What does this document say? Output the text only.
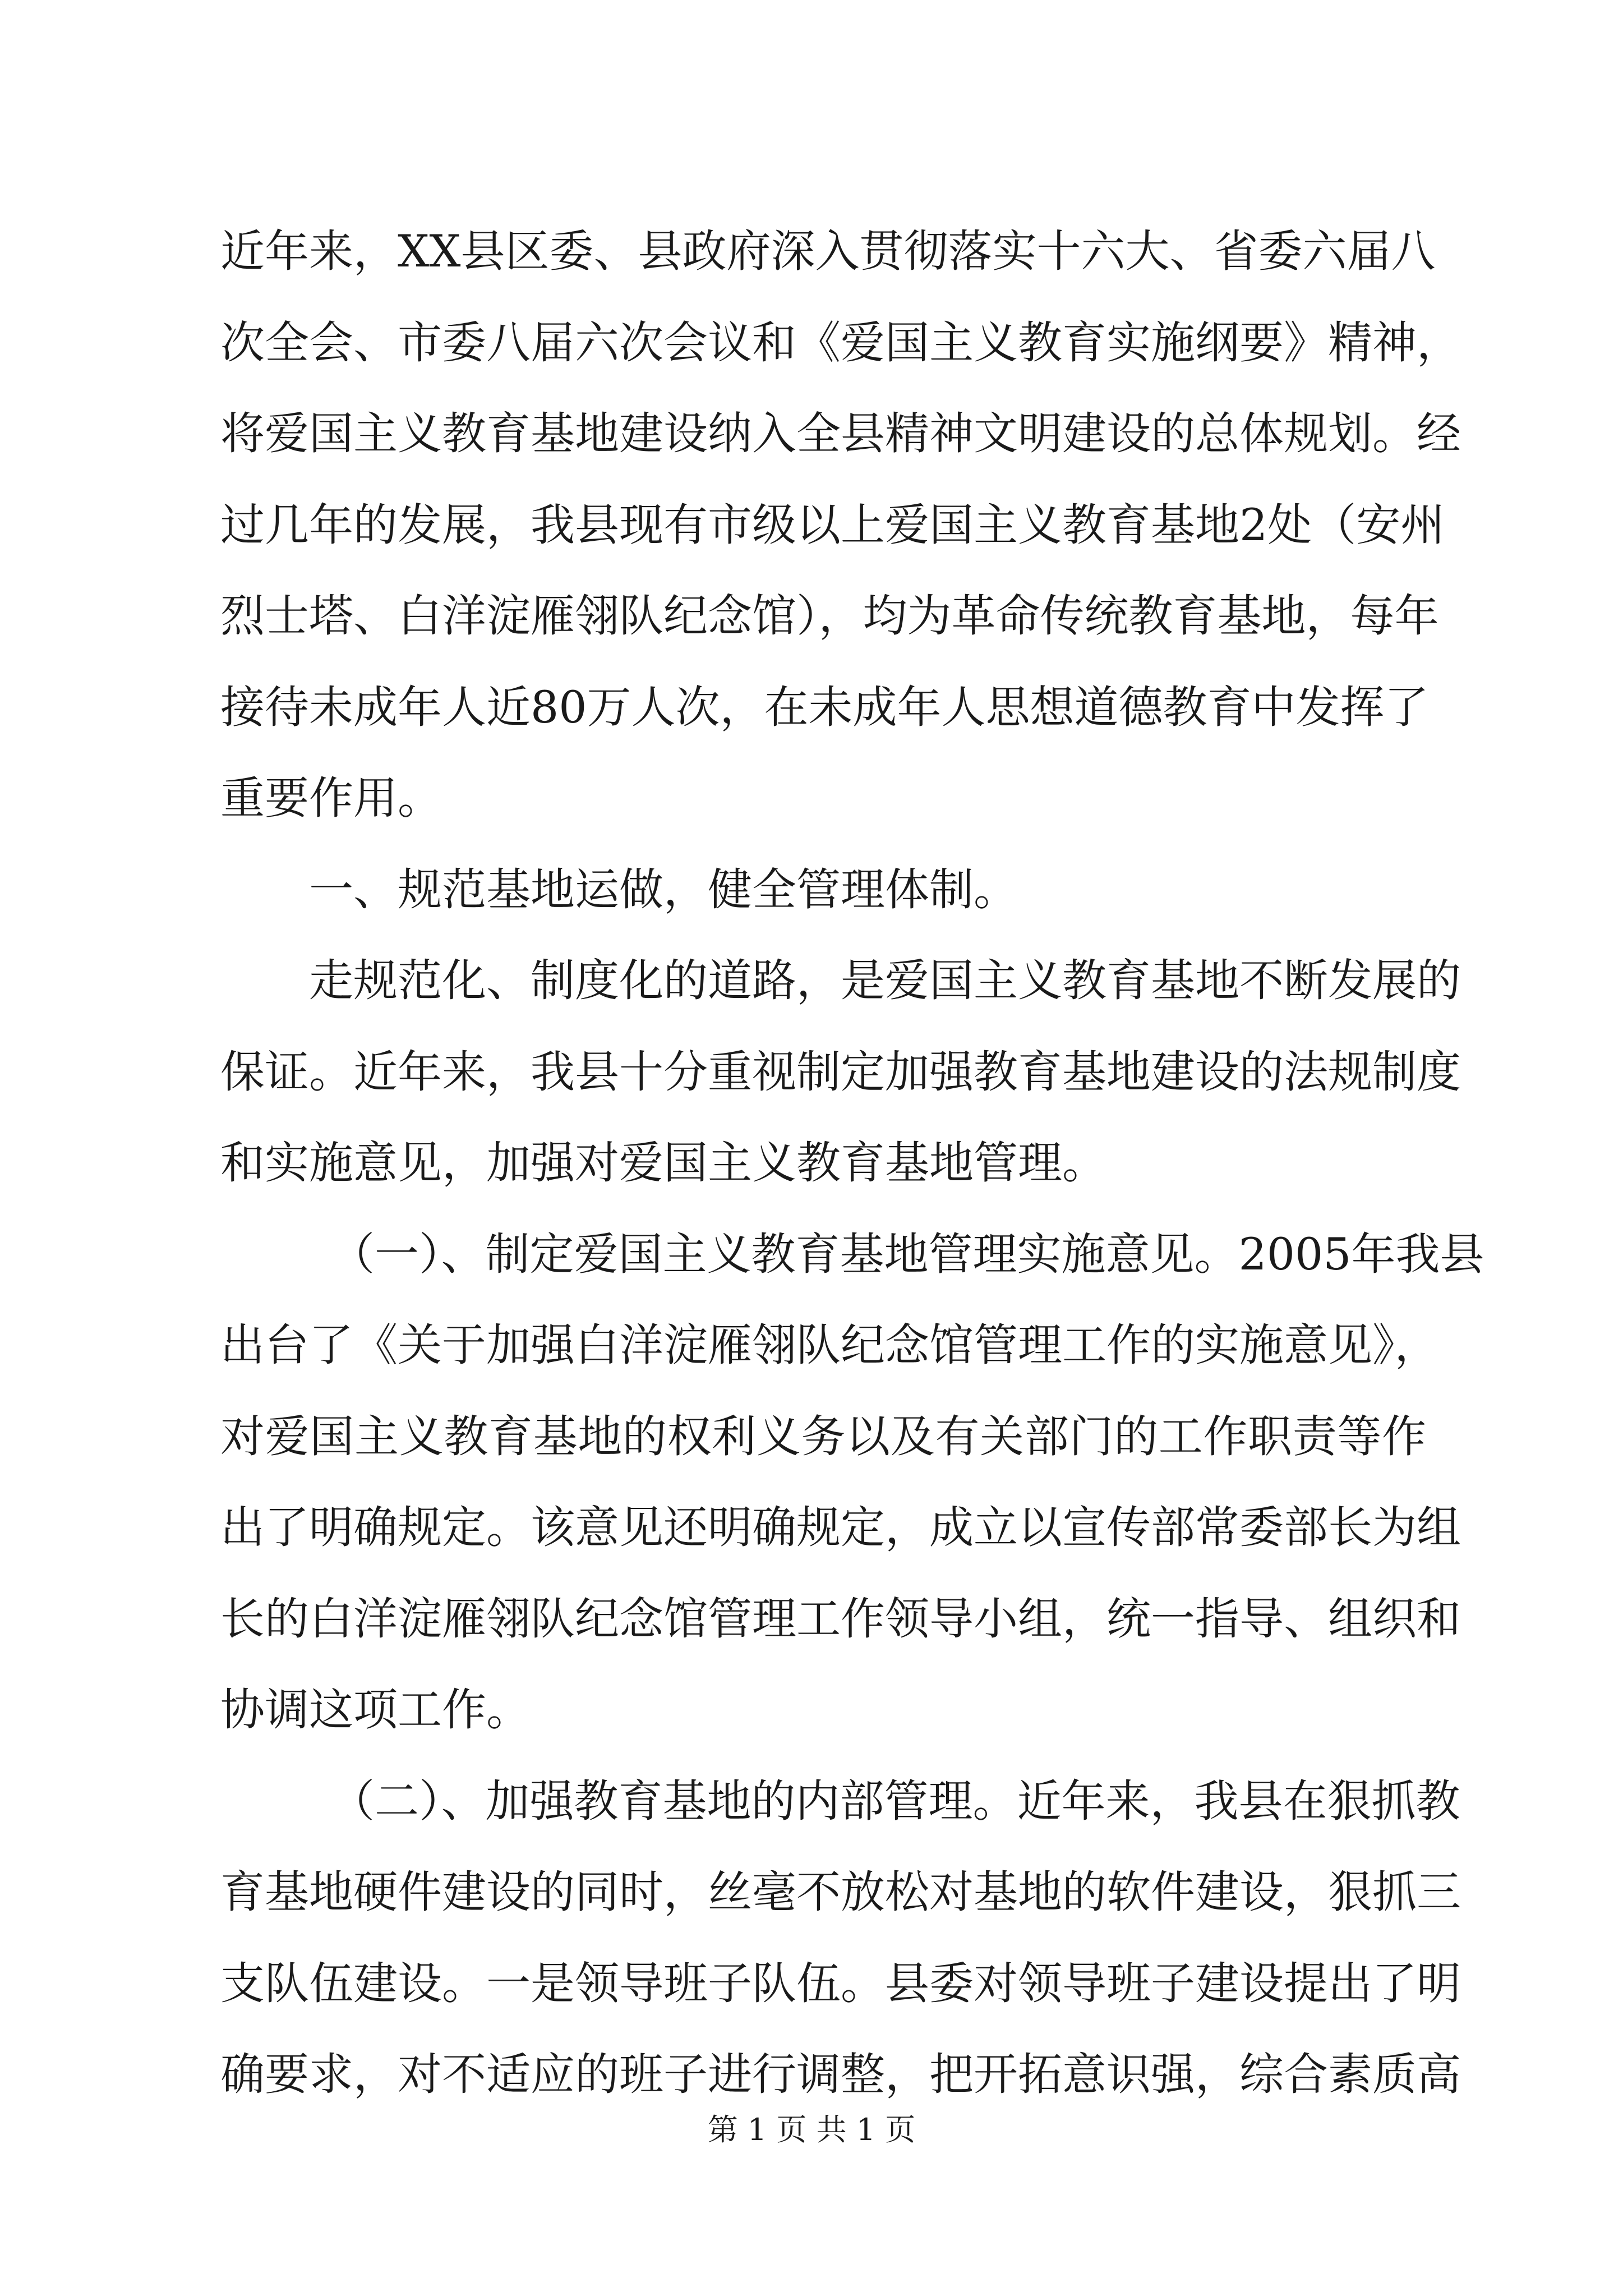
近年来，XX县区委、县政府深入贯彻落实十六大、省委六届八
次全会、市委八届六次会议和《爱国主义教育实施纲要》精神，
将爱国主义教育基地建设纳入全县精神文明建设的总体规划。经
过几年的发展，我县现有市级以上爱国主义教育基地2处（安州
烈士塔、白洋淀雁翎队纪念馆），均为革命传统教育基地，每年
接待未成年人近80万人次，在未成年人思想道德教育中发挥了
重要作用。
一、规范基地运做，健全管理体制。
走规范化、制度化的道路，是爱国主义教育基地不断发展的
保证。近年来，我县十分重视制定加强教育基地建设的法规制度
和实施意见，加强对爱国主义教育基地管理。
（一）、制定爱国主义教育基地管理实施意见。2005年我县
出台了《关于加强白洋淀雁翎队纪念馆管理工作的实施意见》，
对爱国主义教育基地的权利义务以及有关部门的工作职责等作
出了明确规定。该意见还明确规定，成立以宣传部常委部长为组
长的白洋淀雁翎队纪念馆管理工作领导小组，统一指导、组织和
协调这项工作。
（二）、加强教育基地的内部管理。近年来，我县在狠抓教
育基地硬件建设的同时，丝毫不放松对基地的软件建设，狠抓三
支队伍建设。一是领导班子队伍。县委对领导班子建设提出了明
确要求，对不适应的班子进行调整，把开拓意识强，综合素质高
第 1 页 共 1 页
